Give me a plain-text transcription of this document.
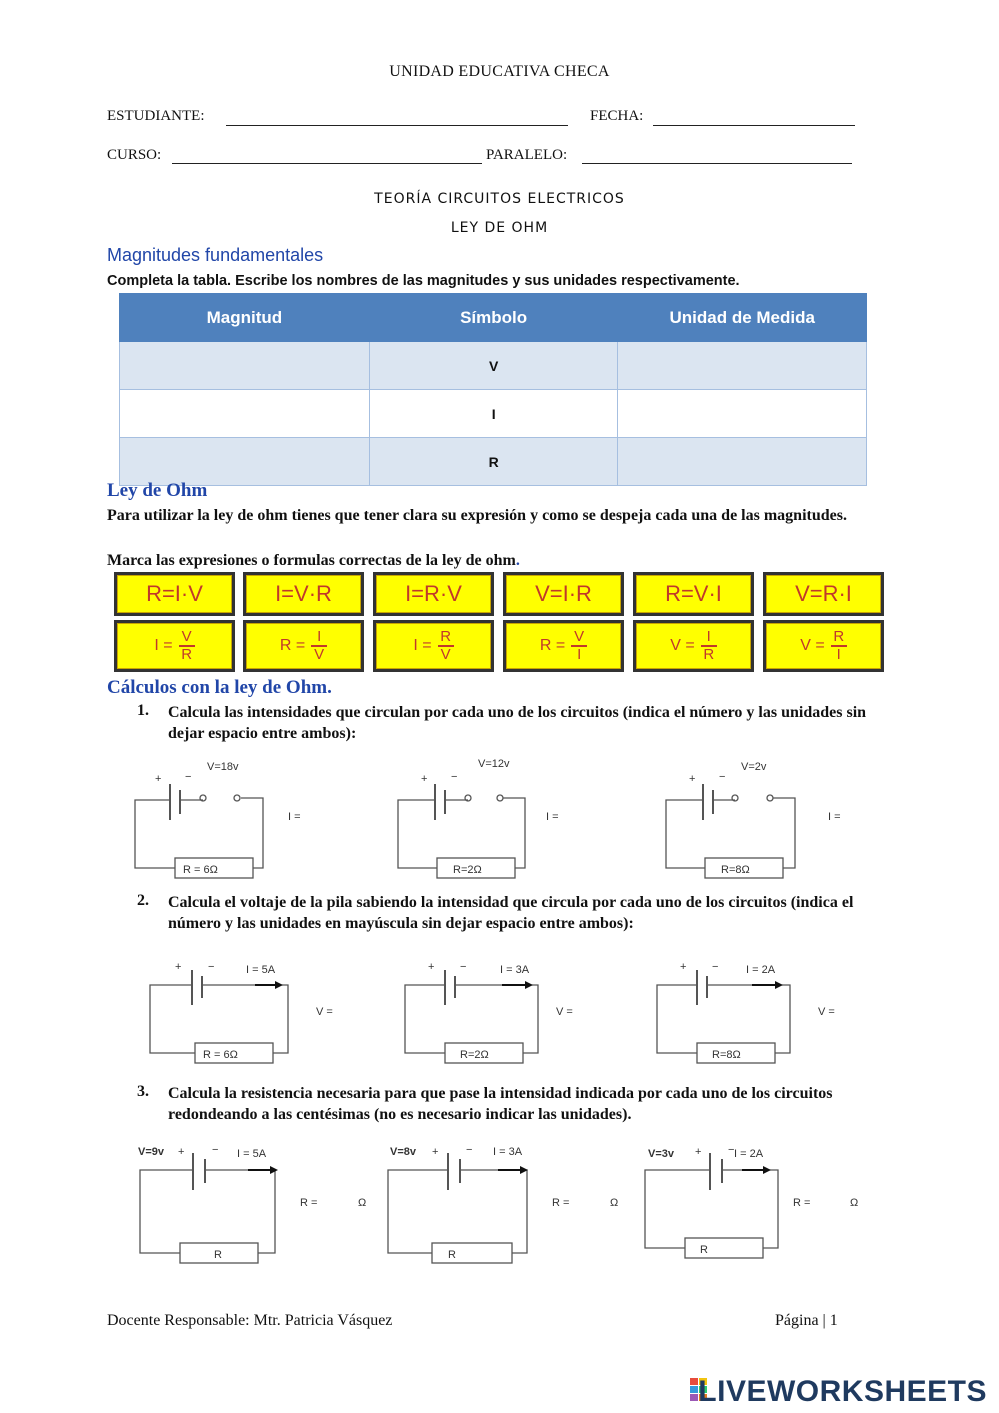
UNIDAD EDUCATIVA CHECA
ESTUDIANTE:	FECHA:
CURSO:	PARALELO:
TEORÍA CIRCUITOS ELECTRICOS
LEY DE OHM
Magnitudes fundamentales
Completa la tabla. Escribe los nombres de las magnitudes y sus unidades respectivamente.
Magnitud	Símbolo	Unidad de Medida
	V	
	I	
	R	
Ley de Ohm
Para utilizar la ley de ohm tienes que tener clara su expresión y como se despeja cada una de las magnitudes.
Marca las expresiones o formulas correctas de la ley de ohm.
R=I·V	I=V·R	I=R·V	V=I·R	R=V·I	V=R·I
$I = \frac{V}{R}$	$R = \frac{I}{V}$	$I = \frac{R}{V}$	$R = \frac{V}{I}$	$V = \frac{I}{R}$	$V = \frac{R}{I}$
Cálculos con la ley de Ohm.
1. Calcula las intensidades que circulan por cada uno de los circuitos (indica el número y las unidades sin dejar espacio entre ambos):
+ −
V=18v
R = 6Ω
I =
+ −
V=12v
R=2Ω
I =
+ −
V=2v
R=8Ω
I =
2. Calcula el voltaje de la pila sabiendo la intensidad que circula por cada uno de los circuitos (indica el número y las unidades en mayúscula sin dejar espacio entre ambos):
+ −	I = 5A
R = 6Ω
V =
+ −	I = 3A
R=2Ω
V =
+ −	I = 2A
R=8Ω
V =
3. Calcula la resistencia necesaria para que pase la intensidad indicada por cada uno de los circuitos redondeando a las centésimas (no es necesario indicar las unidades).
V=9v +	− I = 5A
R
R =	Ω
V=8v +	− I = 3A
R
R =	Ω
V=3v + − I = 2A
R
R =	Ω
Docente Responsable: Mtr. Patricia Vásquez	Página | 1
LIVEWORKSHEETS
